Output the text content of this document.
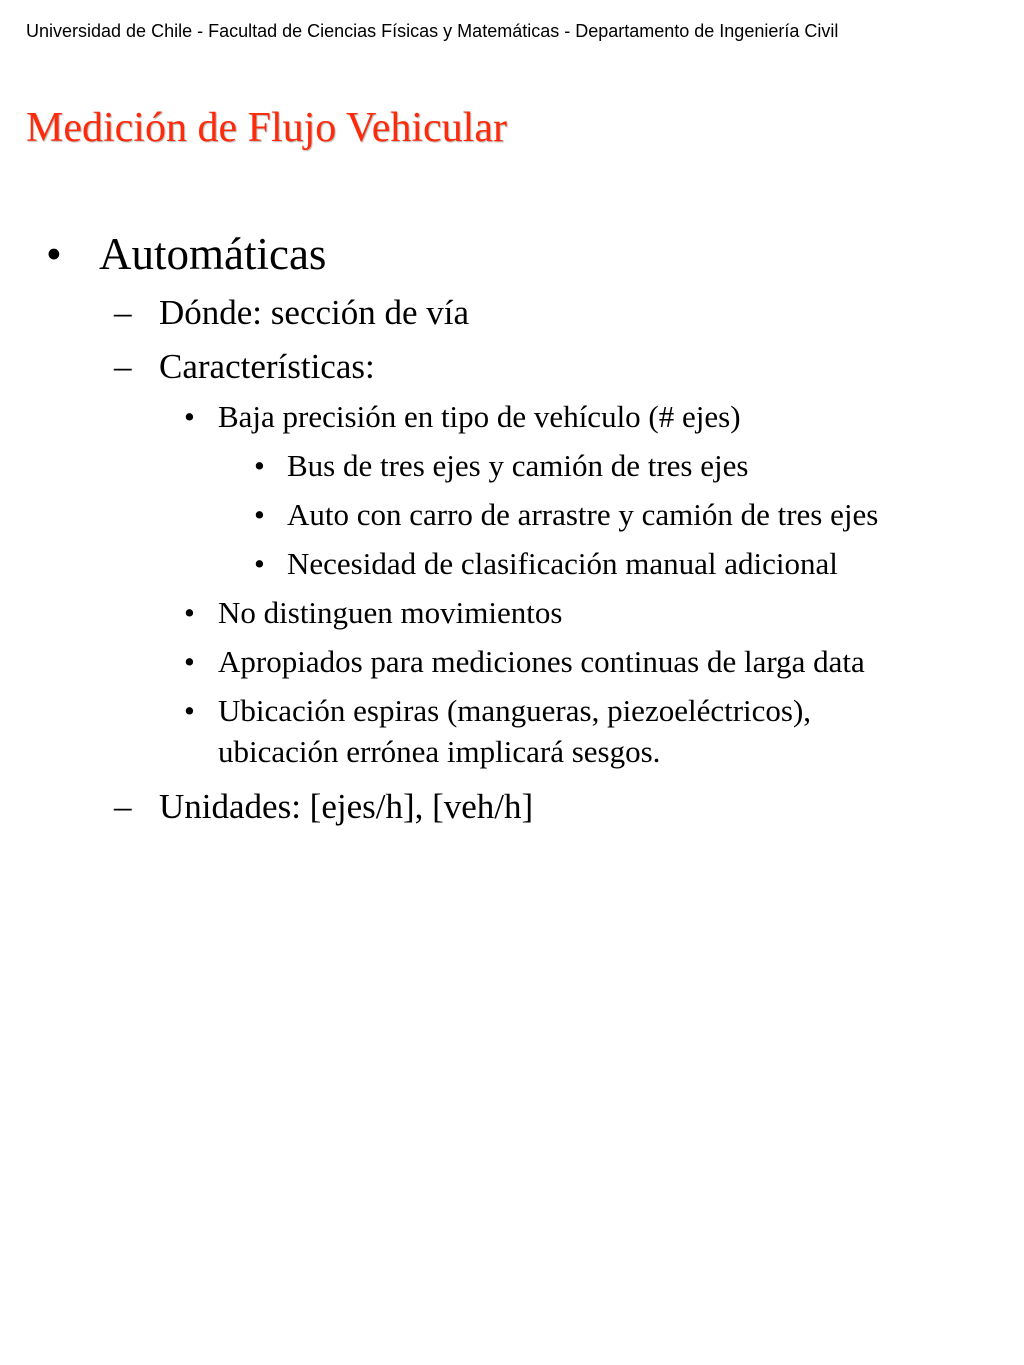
Universidad de Chile - Facultad de Ciencias Físicas y Matemáticas - Departamento de Ingeniería Civil
Medición de Flujo Vehicular
• Automáticas
– Dónde: sección de vía
– Características:
• Baja precisión en tipo de vehículo (# ejes)
• Bus de tres ejes y camión de tres ejes
• Auto con carro de arrastre y camión de tres ejes
• Necesidad de clasificación manual adicional
• No distinguen movimientos
• Apropiados para mediciones continuas de larga data
• Ubicación espiras (mangueras, piezoeléctricos),
ubicación errónea implicará sesgos.
– Unidades: [ejes/h], [veh/h]
